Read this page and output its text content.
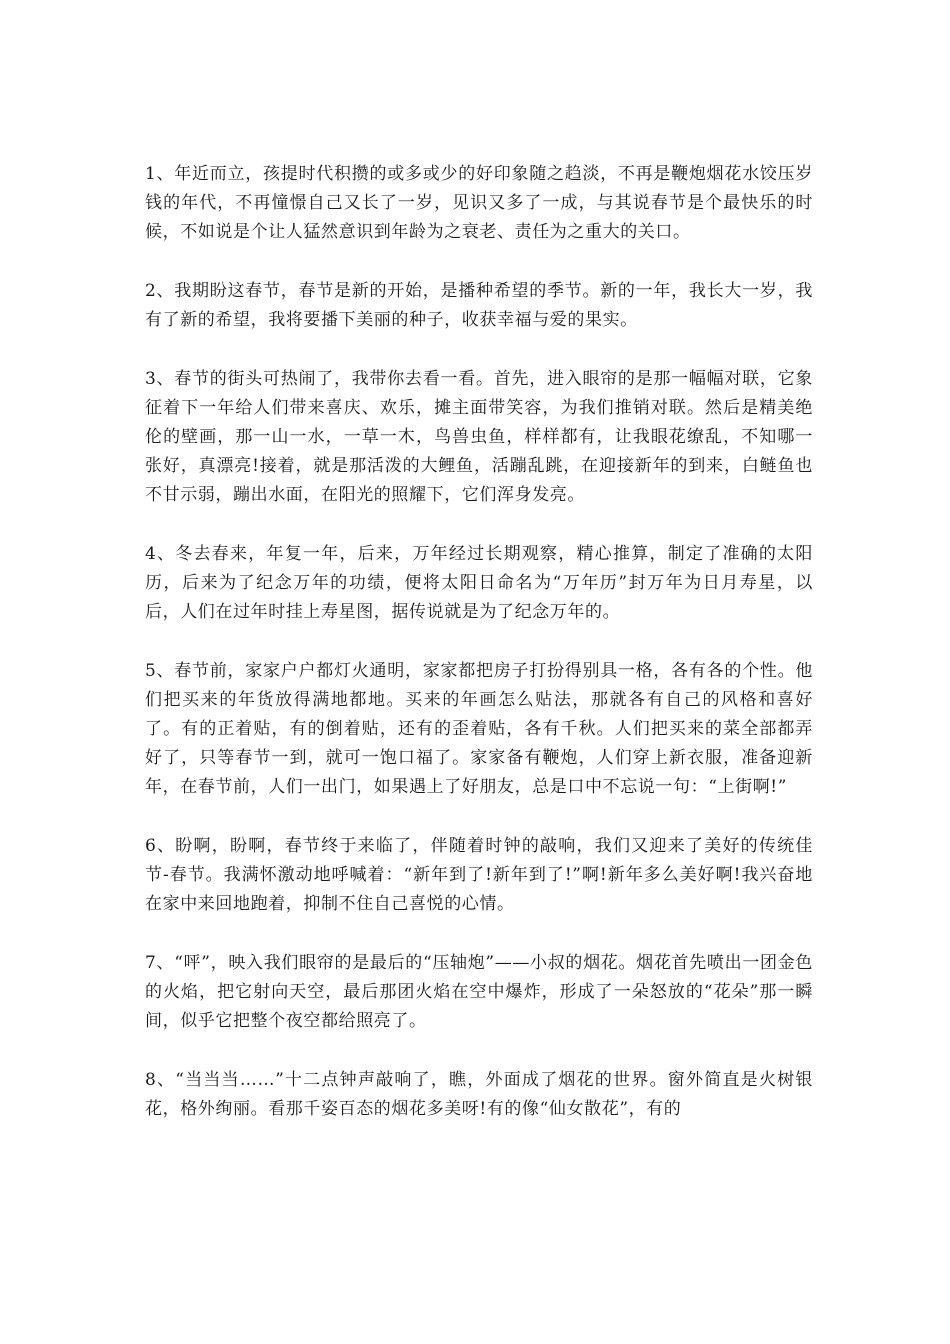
1、年近而立，孩提时代积攒的或多或少的好印象随之趋淡，不再是鞭炮烟花水饺压岁钱的年代，不再憧憬自己又长了一岁，见识又多了一成，与其说春节是个最快乐的时候，不如说是个让人猛然意识到年龄为之衰老、责任为之重大的关口。

2、我期盼这春节，春节是新的开始，是播种希望的季节。新的一年，我长大一岁，我有了新的希望，我将要播下美丽的种子，收获幸福与爱的果实。

3、春节的街头可热闹了，我带你去看一看。首先，进入眼帘的是那一幅幅对联，它象征着下一年给人们带来喜庆、欢乐，摊主面带笑容，为我们推销对联。然后是精美绝伦的壁画，那一山一水，一草一木，鸟兽虫鱼，样样都有，让我眼花缭乱，不知哪一张好，真漂亮!接着，就是那活泼的大鲤鱼，活蹦乱跳，在迎接新年的到来，白鲢鱼也不甘示弱，蹦出水面，在阳光的照耀下，它们浑身发亮。

4、冬去春来，年复一年，后来，万年经过长期观察，精心推算，制定了准确的太阳历，后来为了纪念万年的功绩，便将太阳日命名为“万年历”封万年为日月寿星，以后，人们在过年时挂上寿星图，据传说就是为了纪念万年的。

5、春节前，家家户户都灯火通明，家家都把房子打扮得别具一格，各有各的个性。他们把买来的年货放得满地都地。买来的年画怎么贴法，那就各有自己的风格和喜好了。有的正着贴，有的倒着贴，还有的歪着贴，各有千秋。人们把买来的菜全部都弄好了，只等春节一到，就可一饱口福了。家家备有鞭炮，人们穿上新衣服，准备迎新年，在春节前，人们一出门，如果遇上了好朋友，总是口中不忘说一句：“上街啊!”

6、盼啊，盼啊，春节终于来临了，伴随着时钟的敲响，我们又迎来了美好的传统佳节-春节。我满怀激动地呼喊着：“新年到了!新年到了!”啊!新年多么美好啊!我兴奋地在家中来回地跑着，抑制不住自己喜悦的心情。

7、“呯”，映入我们眼帘的是最后的“压轴炮”——小叔的烟花。烟花首先喷出一团金色的火焰，把它射向天空，最后那团火焰在空中爆炸，形成了一朵怒放的“花朵”那一瞬间，似乎它把整个夜空都给照亮了。

8、“当当当……”十二点钟声敲响了，瞧，外面成了烟花的世界。窗外简直是火树银花，格外绚丽。看那千姿百态的烟花多美呀!有的像“仙女散花”，有的
